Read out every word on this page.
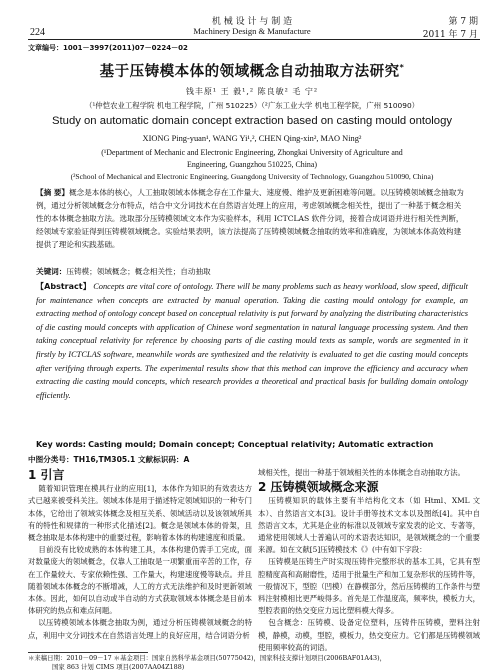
机 械 设 计 与 制 造
Machinery Design & Manufacture
224
第 7 期
2011 年 7 月
文章编号：1001－3997(2011)07－0224－02
基于压铸模本体的领域概念自动抽取方法研究*
钱丰原¹ 王 毅¹,² 陈良敏² 毛 宁²
（¹仲恺农业工程学院 机电工程学院，广州 510225）（²广东工业大学 机电工程学院，广州 510090）
Study on automatic domain concept extraction based on casting mould ontology
XIONG Ping-yuan¹, WANG Yi¹,², CHEN Qing-xin², MAO Ning²
(¹Department of Mechanic and Electronic Engineering, Zhongkai University of Agriculture and
Engineering, Guangzhou 510225, China)
(²School of Mechanical and Electronic Engineering, Guangdong University of Technology, Guangzhou 510090, China)
【摘 要】概念是本体的核心，人工抽取领域本体概念存在工作量大、速度慢、维护及更新困难等问题。以压铸模领域概念抽取为例，通过分析领域概念分布特点，结合中文分词技术在自然语言处理上的应用，考虑领域概念相关性，提出了一种基于概念相关性的本体概念抽取方法。选取部分压铸模领域文本作为实验样本，利用 ICTCLAS 软件分词，接着合成词语并进行相关性判断，经领域专家验证得到压铸模领域概念。实验结果表明，该方法提高了压铸模领域概念抽取的效率和准确度，为领域本体高效构建提供了理论和实践基础。
关键词：压铸模；领域概念；概念相关性；自动抽取
【Abstract】 Concepts are vital core of ontology. There will be many problems such as heavy workload, slow speed, difficult for maintenance when concepts are extracted by manual operation. Taking die casting mould ontology for example, an extracting method of ontology concept based on conceptual relativity is put forward by analyzing the distributing characteristics of die casting mould concepts with application of Chinese word segmentation in natural language processing system. And then taking conceptual relativity for reference by choosing parts of die casting mould texts as sample, words are segmented in it firstly by ICTCLAS software, meanwhile words are synthesized and the relativity is evaluated to get die casting mould concepts after verifying through experts. The experimental results show that this method can improve the efficiency and accuracy when extracting die casting mould concepts, which research provides a theoretical and practical basis for building domain ontology efficiently.
Key words: Casting mould; Domain concept; Conceptual relativity; Automatic extraction
中图分类号：TH16,TM305.1 文献标识码：A
1 引言

随着知识管理在模具行业的应用[1]，本体作为知识的有效表达方式已越来被受科关注。领域本体是用于描述特定领域知识的一种专门本体，它给出了领域实体概念及相互关系、领域活动以及该领域所具有的特性和规律的一种形式化描述[2]。概念是领域本体的骨架，且概念抽取是本体构建中的重要过程，影响着本体的构建速度和质量。

目前没有比较成熟的本体构建工具，本体构建仍需手工完成，面对数量庞大的领域概念，仅靠人工抽取是一项繁重而辛苦的工作，存在工作量较大、专家依赖性强、工作量大，构建速度慢等缺点。并且随着领域本体概念的不断增减，人工的方式无法维护和及时更新领域本体。因此，如何以自动或半自动的方式获取领域本体概念是目前本体研究的热点和难点问题。

以压铸模领域本体概念抽取为例，通过分析压铸模领域概念的特点，利用中文分词技术在自然语言处理上的良好应用，结合词语分析

域相关性，提出一种基于领域相关性的本体概念自动抽取方法。

2 压铸模领域概念来源

压铸模知识的载体主要有半结构化文本（如 Html、XML 文本）、自然语言文本[3]。设计手册等技术文本以及图纸[4]。其中自然语言文本，尤其是企业的标准以及领域专家发表的论文、专著等，通常使用领域人士普遍认可的术语表达知识，是领域概念的一个重要来源。如在文献[5]压铸模技术《》(中有如下字段：

压铸模是压铸生产时实现压铸件完整形状的基本工具，它具有型腔精度高和高耐磨性，适用于批量生产和加工复杂形状的压铸件等，一般情况下，型腔（凹模）在静模部分，然后压铸模的工作条件与塑料注射模相比更严峻得多。首先是工作温度高，频率快，模板力大，型腔表面的热交变应力远比塑料模大得多。

包含概念：压铸模、设备定位塑料，压铸件压铸模，塑料注射模，静模，动模，型腔，模板力，热交变应力。它们都是压铸模领域使用频率较高的词语。

＊来稿日期：2010－09－17 ＊基金项目：国家自然科学基金项目(50775042)，国家科技支撑计划项目(2006BAF01A43)，
国家 863 计划 CIMS 项目(2007AA04Z188)
